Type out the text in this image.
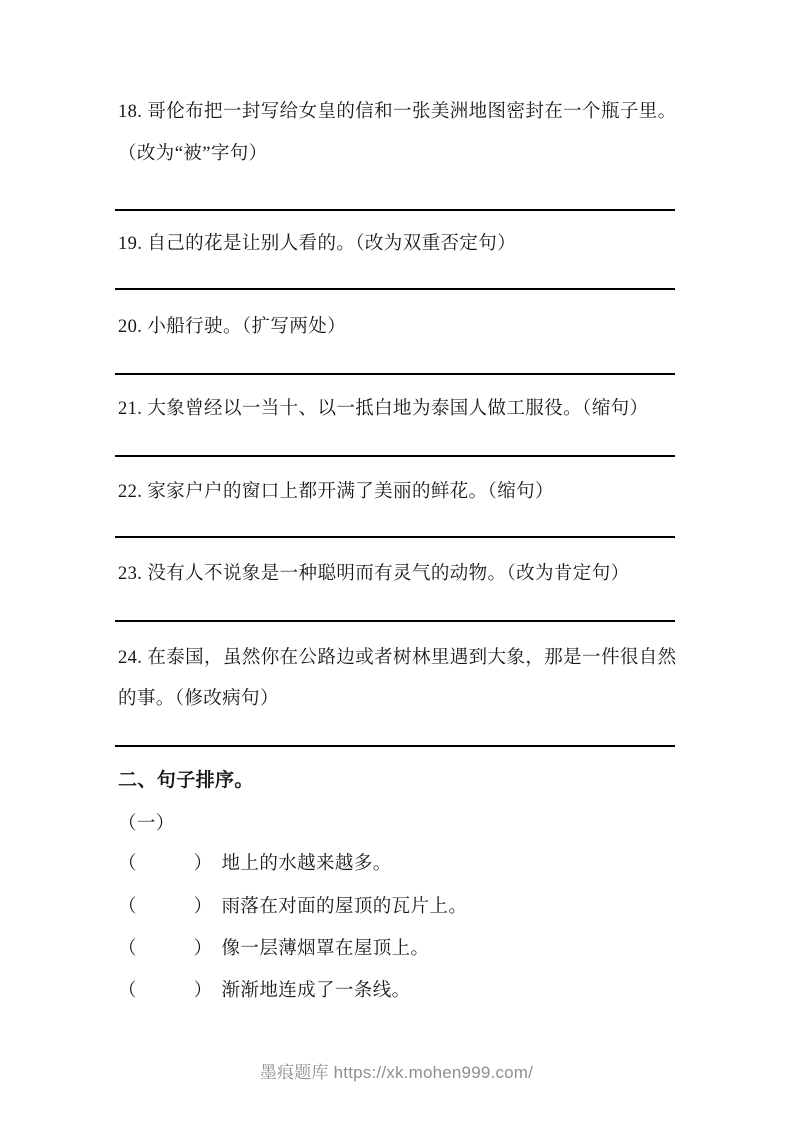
18. 哥伦布把一封写给女皇的信和一张美洲地图密封在一个瓶子里。
（改为“被”字句）
19. 自己的花是让别人看的。（改为双重否定句）
20. 小船行驶。（扩写两处）
21. 大象曾经以一当十、以一抵白地为泰国人做工服役。（缩句）
22. 家家户户的窗口上都开满了美丽的鲜花。（缩句）
23. 没有人不说象是一种聪明而有灵气的动物。（改为肯定句）
24. 在泰国，虽然你在公路边或者树林里遇到大象，那是一件很自然
的事。（修改病句）
二、句子排序。
（一）
（　　　） 地上的水越来越多。
（　　　） 雨落在对面的屋顶的瓦片上。
（　　　） 像一层薄烟罩在屋顶上。
（　　　） 渐渐地连成了一条线。
墨痕题库 https://xk.mohen999.com/
